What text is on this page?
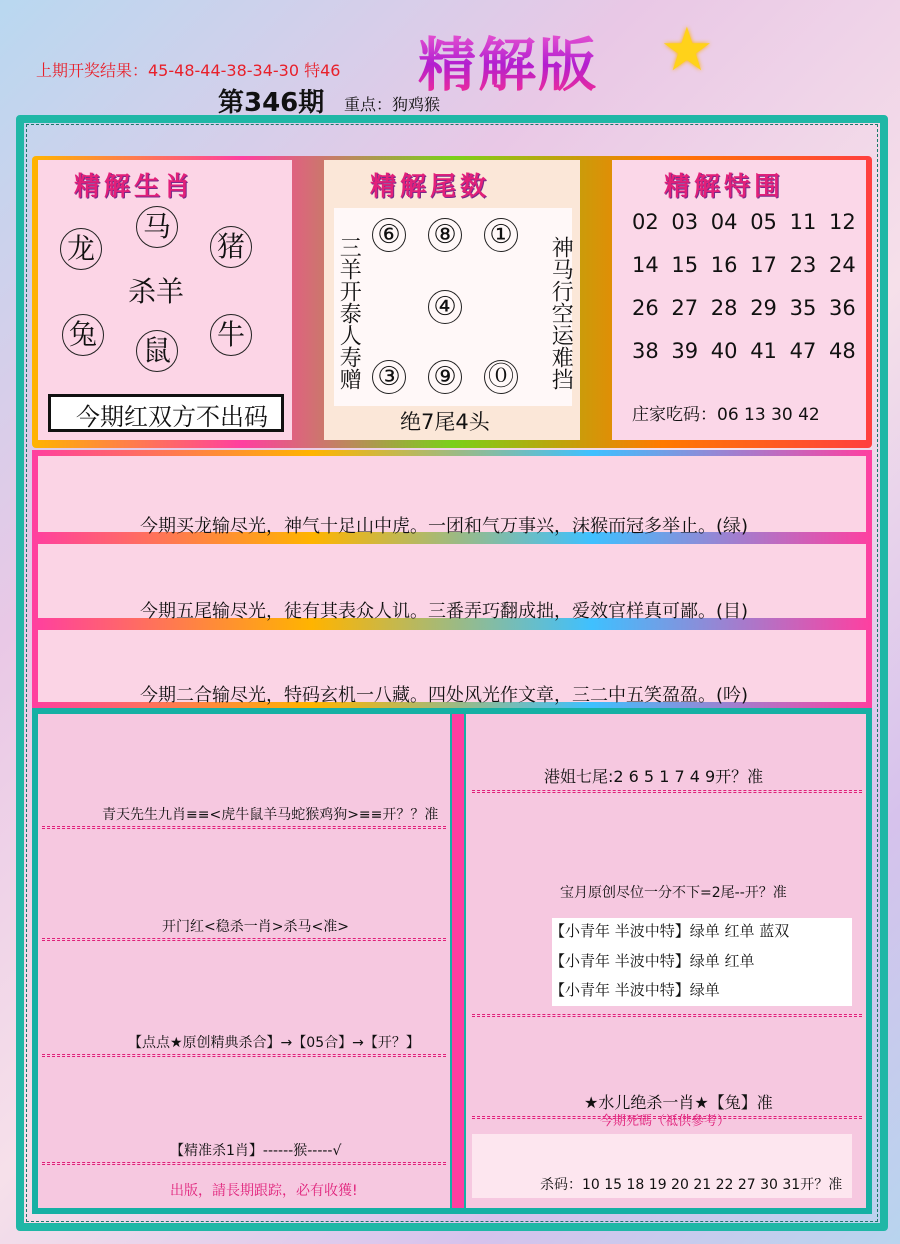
上期开奖结果：45-48-44-38-34-30 特46 精解版 ★
第346期 重点：狗鸡猴
精解生肖
龙
马
猪
杀羊
兔 鼠 牛
今期红双方不出码
精解尾数
⑥ ⑧ ①
④
③ ⑨ ⓪
三羊开泰人寿赠	神马行空运难挡
绝7尾4头
精解特围
02 03 04 05 11 12
14 15 16 17 23 24
26 27 28 29 35 36
38 39 40 41 47 48
庄家吃码：06 13 30 42
今期买龙输尽光，神气十足山中虎。一团和气万事兴，沫猴而冠多举止。(绿)
今期五尾输尽光，徒有其表众人讥。三番弄巧翻成拙，爱效官样真可鄙。(目)
今期二合输尽光，特码玄机一八藏。四处风光作文章，三二中五笑盈盈。(吟)
青天先生九肖≡≡<虎牛鼠羊马蛇猴鸡狗>≡≡开？？准
开门红<稳杀一肖>杀马<准>
【点点★原创精典杀合】→【05合】→【开？】
【精准杀1肖】------猴-----√
出版，請長期跟踪，必有收獲!
港姐七尾:2 6 5 1 7 4 9开？准
宝月原创尽位一分不下=2尾--开？准
【小青年 半波中特】绿单 红单 蓝双
【小青年 半波中特】绿单 红单
【小青年 半波中特】绿单
★水儿绝杀一肖★【兔】准
今期死碼（祗供參考）
杀码：10 15 18 19 20 21 22 27 30 31开？准
